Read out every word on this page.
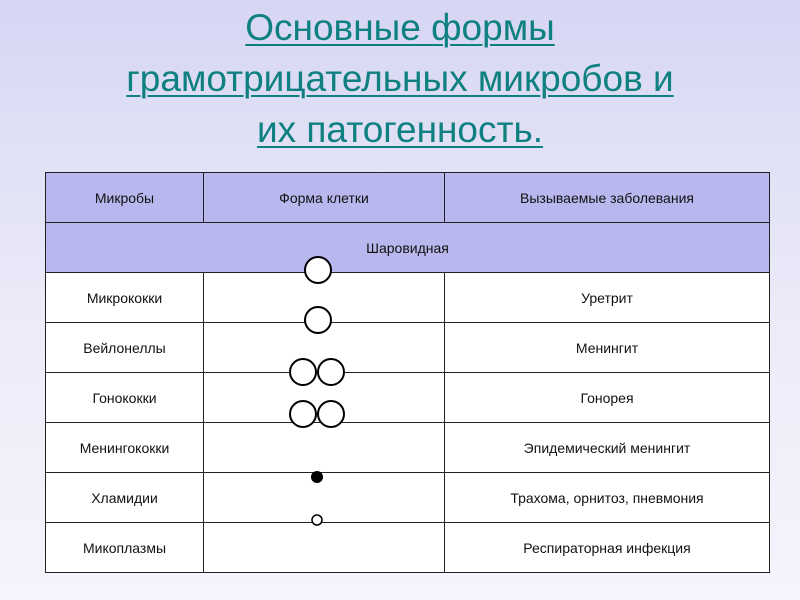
Основные формы
грамотрицательных микробов и
их патогенность.
Микробы	Форма клетки	Вызываемые заболевания
Шаровидная		
Микрококки		Уретрит
Вейлонеллы		Менингит
Гонококки		Гонорея
Менингококки		Эпидемический менингит
Хламидии		Трахома, орнитоз, пневмония
Микоплазмы		Респираторная инфекция
